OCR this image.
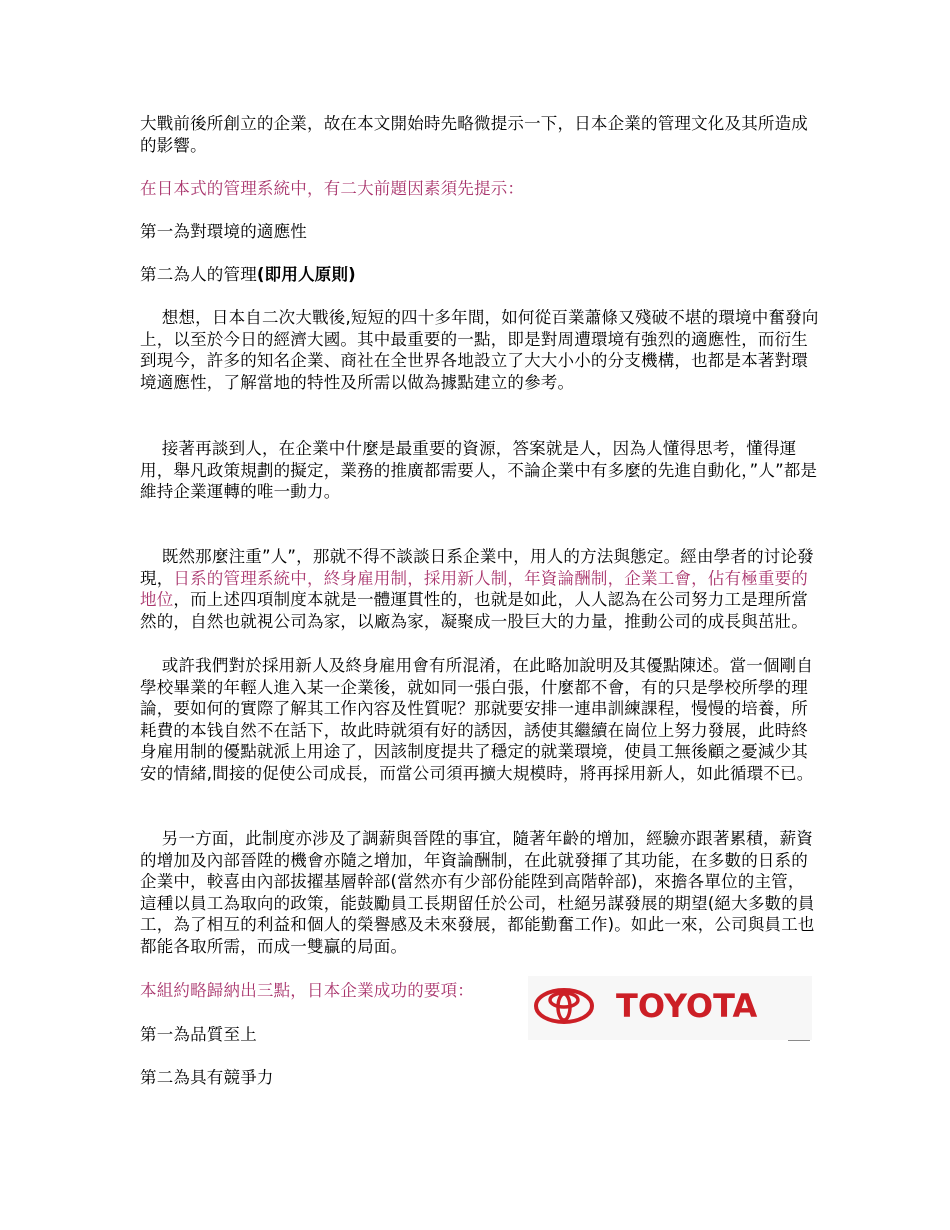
大戰前後所創立的企業，故在本文開始時先略微提示一下，日本企業的管理文化及其所造成的影響。

在日本式的管理系統中，有二大前題因素須先提示：

第一為對環境的適應性

第二為人的管理(即用人原則)

想想，日本自二次大戰後,短短的四十多年間，如何從百業蕭條又殘破不堪的環境中奮發向上，以至於今日的經濟大國。其中最重要的一點，即是對周遭環境有強烈的適應性，而衍生到現今，許多的知名企業、商社在全世界各地設立了大大小小的分支機構，也都是本著對環境適應性，了解當地的特性及所需以做為據點建立的參考。

接著再談到人，在企業中什麼是最重要的資源，答案就是人，因為人懂得思考，懂得運用，舉凡政策規劃的擬定，業務的推廣都需要人，不論企業中有多麼的先進自動化，”人”都是維持企業運轉的唯一動力。

既然那麼注重”人”，那就不得不談談日系企業中，用人的方法與態定。經由學者的讨论發現，日系的管理系統中，終身雇用制，採用新人制，年資論酬制，企業工會，佔有極重要的地位，而上述四項制度本就是一體運貫性的，也就是如此，人人認為在公司努力工是理所當然的，自然也就視公司為家，以廠為家，凝聚成一股巨大的力量，推動公司的成長與茁壯。

或許我們對於採用新人及終身雇用會有所混淆，在此略加說明及其優點陳述。當一個剛自學校畢業的年輕人進入某一企業後，就如同一張白張，什麼都不會，有的只是學校所學的理論，要如何的實際了解其工作內容及性質呢？那就要安排一連串訓練課程，慢慢的培養，所耗費的本钱自然不在話下，故此時就須有好的誘因，誘使其繼續在崗位上努力發展，此時終身雇用制的優點就派上用途了，因該制度提共了穩定的就業環境，使員工無後顧之憂減少其安的情緒,間接的促使公司成長，而當公司須再擴大規模時，將再採用新人，如此循環不已。

另一方面，此制度亦涉及了調薪與晉陞的事宜，隨著年齡的增加，經驗亦跟著累積，薪資的增加及內部晉陞的機會亦隨之增加，年資論酬制，在此就發揮了其功能，在多數的日系的企業中，較喜由內部拔擢基層幹部(當然亦有少部份能陞到高階幹部)，來擔各單位的主管，這種以員工為取向的政策，能鼓勵員工長期留任於公司，杜絕另謀發展的期望(絕大多數的員工，為了相互的利益和個人的榮譽感及未來發展，都能勤奮工作)。如此一來，公司與員工也都能各取所需，而成一雙贏的局面。

本組約略歸納出三點，日本企業成功的要項：

第一為品質至上

第二為具有競爭力

TOYOTA
